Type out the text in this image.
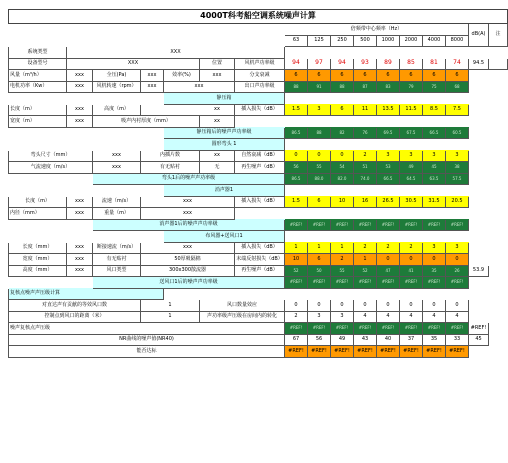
4000T科考船空调系统噪声计算																
							倍频带中心频率（Hz）								dB(A)	注
							63	125	250	500	1000	2000	4000	8000		
系统类型	XXX															
设备型号	XXX				位置	风机声功率级	94	97	94	93	89	85	81	74	94.5	
风量（m³/h）	xxx	全压(Pa)	xxx	效率(%)	xxx	分支衰减	6	6	6	6	6	6	6	6		
电机功率（Kw）	xxx	风机转速（rpm）	xxx	xxx		出口声功率级	88	91	88	87	83	79	75	68		
				静压箱												
长度（m）	xxx	高度（m）			xx	插入损失（dB）	1.5	3	6	11	13.5	11.5	8.5	7.5		
宽度（m）	xxx	吸声内衬厚度（mm）			xx											
				静压箱后的噪声声功率级			86.5	88	82	76	69.5	67.5	66.5	60.5		
				圆形弯头 1												
弯头尺寸（mm）		xxx	内插片数		xx	自然衰减（dB）	0	0	0	2	3	3	3	3		
气流速度（m/s）		xxx	有无贴衬		无	再生噪声（dB）	56	55	54	51	53	49	45	38		
		弯头1后的噪声声功率级					86.5	88.0	82.0	74.0	66.5	64.5	63.5	57.5		
				消声器1												
长度（m）	xxx	流速（m/s）	xxx			插入损失（dB）	1.5	6	10	16	26.5	30.5	31.5	20.5		
内径（mm）	xxx	重量（m）	xxx													
		消声器1后的噪声声功率级					#REF!	#REF!	#REF!	#REF!	#REF!	#REF!	#REF!	#REF!		
				布风器+送风口1												
长度（mm）	xxx	断接速流（m/s）	xxx			插入损失（dB）	1	1	1	2	2	2	3	3		
宽度（mm）	xxx	有无贴衬	50厚吸隔棉			末端反射损失（dB）	10	6	2	1	0	0	0	0		
高度（mm）	xxx	风口类型	300x300散流器			再生噪声（dB）	52	50	55	52	47	41	35	26	53.9	
		送风口1后的噪声声功率级					#REF!	#REF!	#REF!	#REF!	#REF!	#REF!	#REF!	#REF!		
复核点噪声声压级计算																
对直达声有贡献的等效风口数			1		风口数量效应		0	0	0	0	0	0	0	0		
控制点到风口的距离（米）			1		声功率级声压级在房间内的转化		2	3	3	4	4	4	4	4		
噪声复核点声压级							#REF!	#REF!	#REF!	#REF!	#REF!	#REF!	#REF!	#REF!	#REF!	
NR曲线的噪声值(NR40)							67	56	49	43	40	37	35	33	45	
能否达标							#REF!	#REF!	#REF!	#REF!	#REF!	#REF!	#REF!	#REF!		
